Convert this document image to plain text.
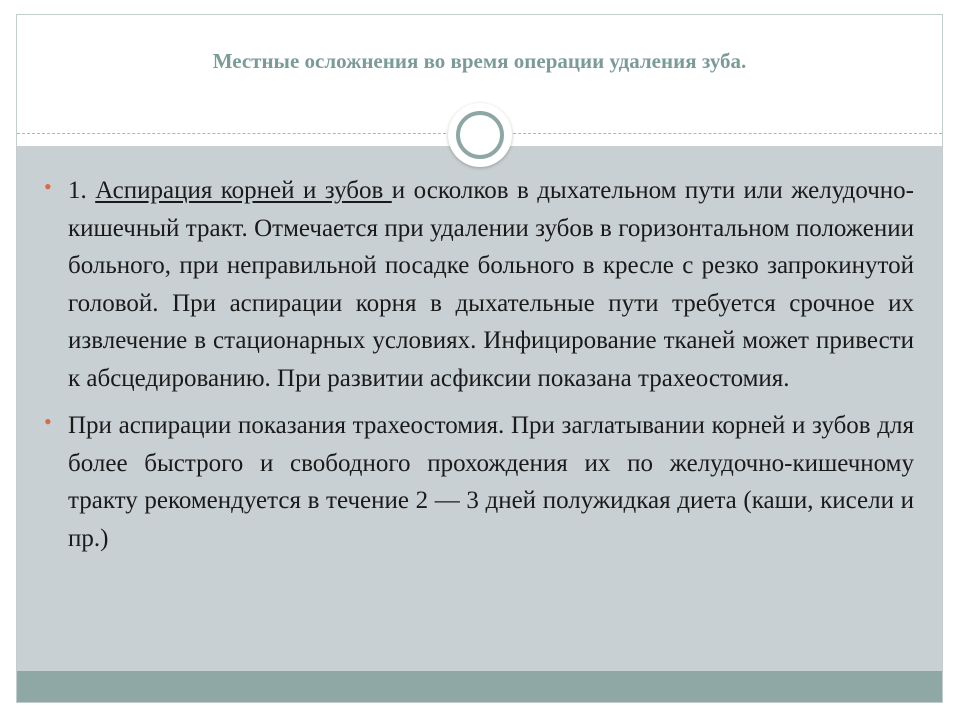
Местные осложнения во время операции удаления зуба.
• 1. Аспирация корней и зубов и осколков в дыхательном пути или желудочно-кишечный тракт. Отмечается при удалении зубов в горизонтальном положении больного, при неправильной посадке больного в кресле с резко запрокинутой головой. При аспирации корня в дыхательные пути требуется срочное их извлечение в стационарных условиях. Инфицирование тканей может привести к абсцедированию. При развитии асфиксии показана трахеостомия.
• При аспирации показания трахеостомия. При заглатывании корней и зубов для более быстрого и свободного прохождения их по желудочно-кишечному тракту рекомендуется в течение 2 — 3 дней полужидкая диета (каши, кисели и пр.)
